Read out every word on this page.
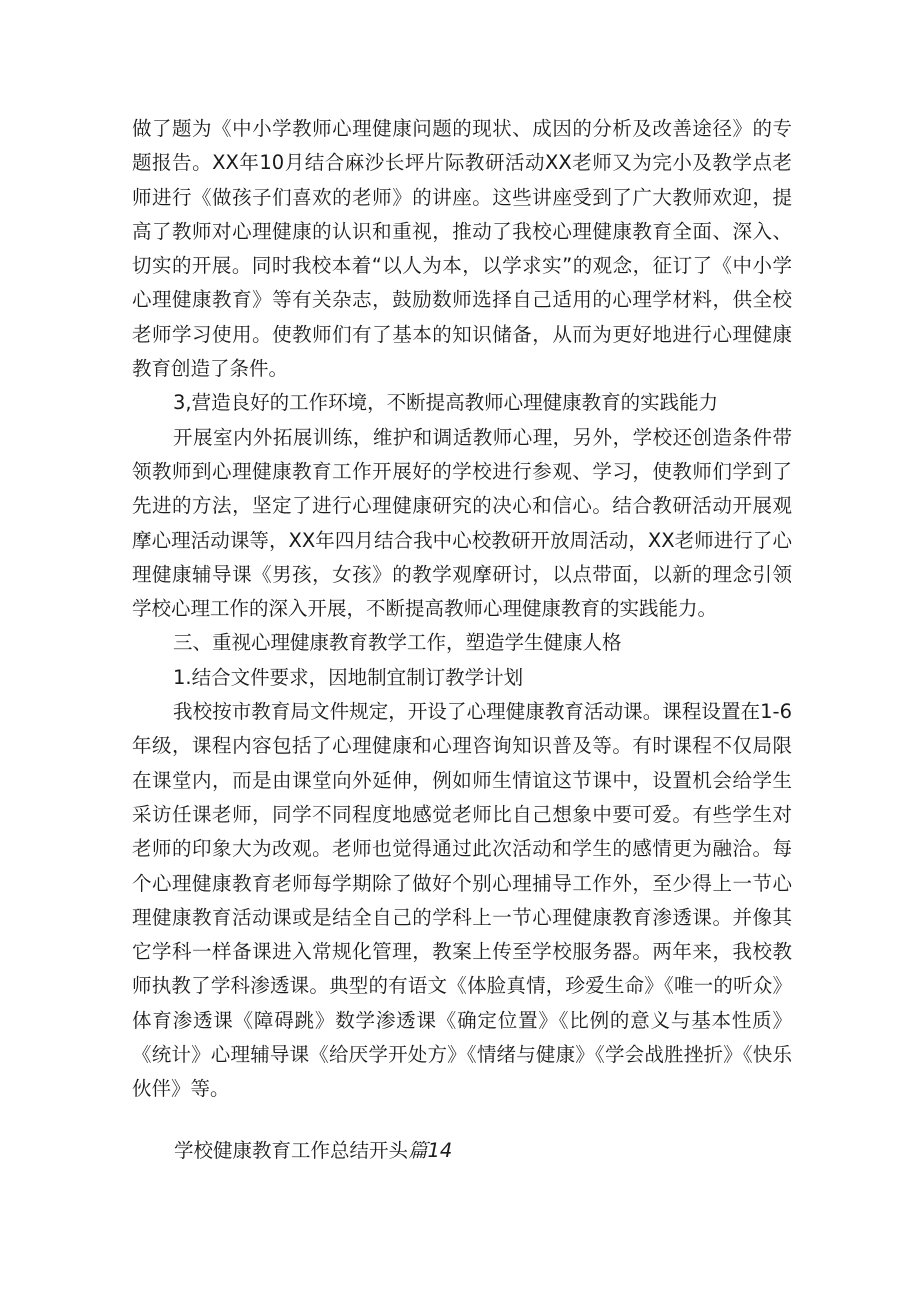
做了题为《中小学教师心理健康问题的现状、成因的分析及改善途径》的专题报告。XX年10月结合麻沙长坪片际教研活动XX老师又为完小及教学点老师进行《做孩子们喜欢的老师》的讲座。这些讲座受到了广大教师欢迎，提高了教师对心理健康的认识和重视，推动了我校心理健康教育全面、深入、切实的开展。同时我校本着“以人为本，以学求实”的观念，征订了《中小学心理健康教育》等有关杂志，鼓励数师选择自己适用的心理学材料，供全校老师学习使用。使教师们有了基本的知识储备，从而为更好地进行心理健康教育创造了条件。

3,营造良好的工作环境，不断提高教师心理健康教育的实践能力

开展室内外拓展训练，维护和调适教师心理，另外，学校还创造条件带领教师到心理健康教育工作开展好的学校进行参观、学习，使教师们学到了先进的方法，坚定了进行心理健康研究的决心和信心。结合教研活动开展观摩心理活动课等，XX年四月结合我中心校教研开放周活动，XX老师进行了心理健康辅导课《男孩，女孩》的教学观摩研讨，以点带面，以新的理念引领学校心理工作的深入开展，不断提高教师心理健康教育的实践能力。

三、重视心理健康教育教学工作，塑造学生健康人格

1.结合文件要求，因地制宜制订教学计划

我校按市教育局文件规定，开设了心理健康教育活动课。课程设置在1-6年级，课程内容包括了心理健康和心理咨询知识普及等。有时课程不仅局限在课堂内，而是由课堂向外延伸，例如师生情谊这节课中，设置机会给学生采访任课老师，同学不同程度地感觉老师比自己想象中要可爱。有些学生对老师的印象大为改观。老师也觉得通过此次活动和学生的感情更为融洽。每个心理健康教育老师每学期除了做好个别心理捕导工作外，至少得上一节心理健康教育活动课或是结全自己的学科上一节心理健康教育渗透课。并像其它学科一样备课进入常规化管理，教案上传至学校服务器。两年来，我校教师执教了学科渗透课。典型的有语文《体脸真情，珍爱生命》《唯一的听众》体育渗透课《障碍跳》数学渗透课《确定位置》《比例的意义与基本性质》《统计》心理辅导课《给厌学开处方》《情绪与健康》《学会战胜挫折》《快乐伙伴》等。

学校健康教育工作总结开头篇14
